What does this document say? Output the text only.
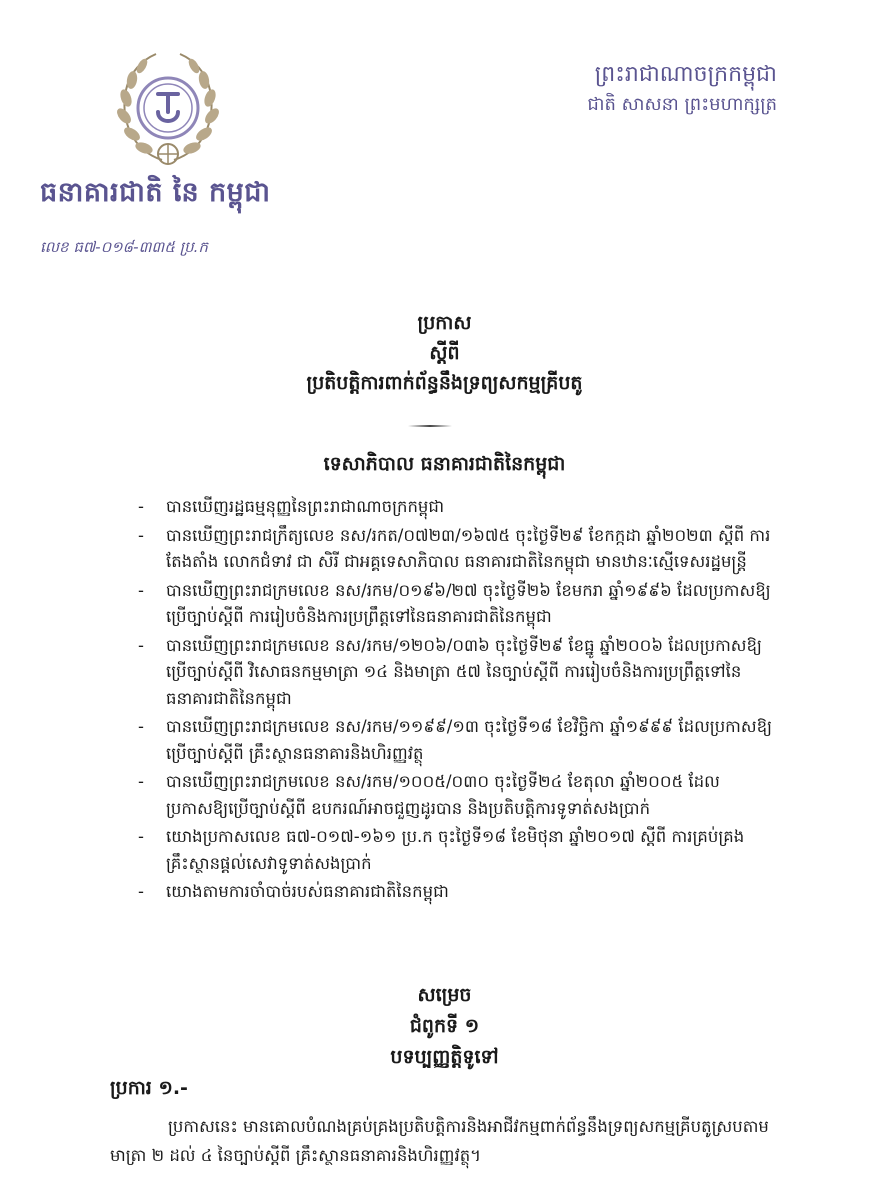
ធនាគារជាតិ នៃ កម្ពុជា
លេខ ធ៧-០១៨-៣៣៥ ប្រ.ក
ព្រះរាជាណាចក្រកម្ពុជា
ជាតិ សាសនា ព្រះមហាក្សត្រ
ប្រកាស
ស្តីពី
ប្រតិបត្តិការពាក់ព័ន្ធនឹងទ្រព្យសកម្មគ្រីបតូ
ទេសាភិបាល ធនាគារជាតិនៃកម្ពុជា
- បានឃើញរដ្ឋធម្មនុញ្ញនៃព្រះរាជាណាចក្រកម្ពុជា
- បានឃើញព្រះរាជក្រឹត្យលេខ នស/រកត/០៧២៣/១៦៧៥ ចុះថ្ងៃទី២៩ ខែកក្កដា ឆ្នាំ២០២៣ ស្តីពី ការតែងតាំង លោកជំទាវ ជា សិរី ជាអគ្គទេសាភិបាល ធនាគារជាតិនៃកម្ពុជា មានឋានៈស្មើទេសរដ្ឋមន្ត្រី
- បានឃើញព្រះរាជក្រមលេខ នស/រកម/០១៩៦/២៧ ចុះថ្ងៃទី២៦ ខែមករា ឆ្នាំ១៩៩៦ ដែលប្រកាសឱ្យប្រើច្បាប់ស្តីពី ការរៀបចំនិងការប្រព្រឹត្តទៅនៃធនាគារជាតិនៃកម្ពុជា
- បានឃើញព្រះរាជក្រមលេខ នស/រកម/១២០៦/០៣៦ ចុះថ្ងៃទី២៩ ខែធ្នូ ឆ្នាំ២០០៦ ដែលប្រកាសឱ្យប្រើច្បាប់ស្តីពី វិសោធនកម្មមាត្រា ១៤ និងមាត្រា ៥៧ នៃច្បាប់ស្តីពី ការរៀបចំនិងការប្រព្រឹត្តទៅនៃធនាគារជាតិនៃកម្ពុជា
- បានឃើញព្រះរាជក្រមលេខ នស/រកម/១១៩៩/១៣ ចុះថ្ងៃទី១៨ ខែវិច្ឆិកា ឆ្នាំ១៩៩៩ ដែលប្រកាសឱ្យប្រើច្បាប់ស្តីពី គ្រឹះស្ថានធនាគារនិងហិរញ្ញវត្ថុ
- បានឃើញព្រះរាជក្រមលេខ នស/រកម/១០០៥/០៣០ ចុះថ្ងៃទី២៤ ខែតុលា ឆ្នាំ២០០៥ ដែលប្រកាសឱ្យប្រើច្បាប់ស្តីពី ឧបករណ៍អាចជួញដូរបាន និងប្រតិបត្តិការទូទាត់សងប្រាក់
- យោងប្រកាសលេខ ធ៧-០១៧-១៦១ ប្រ.ក ចុះថ្ងៃទី១៨ ខែមិថុនា ឆ្នាំ២០១៧ ស្តីពី ការគ្រប់គ្រងគ្រឹះស្ថានផ្តល់សេវាទូទាត់សងប្រាក់
- យោងតាមការចាំបាច់របស់ធនាគារជាតិនៃកម្ពុជា
សម្រេច
ជំពូកទី ១
បទប្បញ្ញត្តិទូទៅ
ប្រការ ១.-
ប្រកាសនេះ មានគោលបំណងគ្រប់គ្រងប្រតិបត្តិការនិងអាជីវកម្មពាក់ព័ន្ធនឹងទ្រព្យសកម្មគ្រីបតូស្របតាមមាត្រា ២ ដល់ ៤ នៃច្បាប់ស្តីពី គ្រឹះស្ថានធនាគារនិងហិរញ្ញវត្ថុ។
